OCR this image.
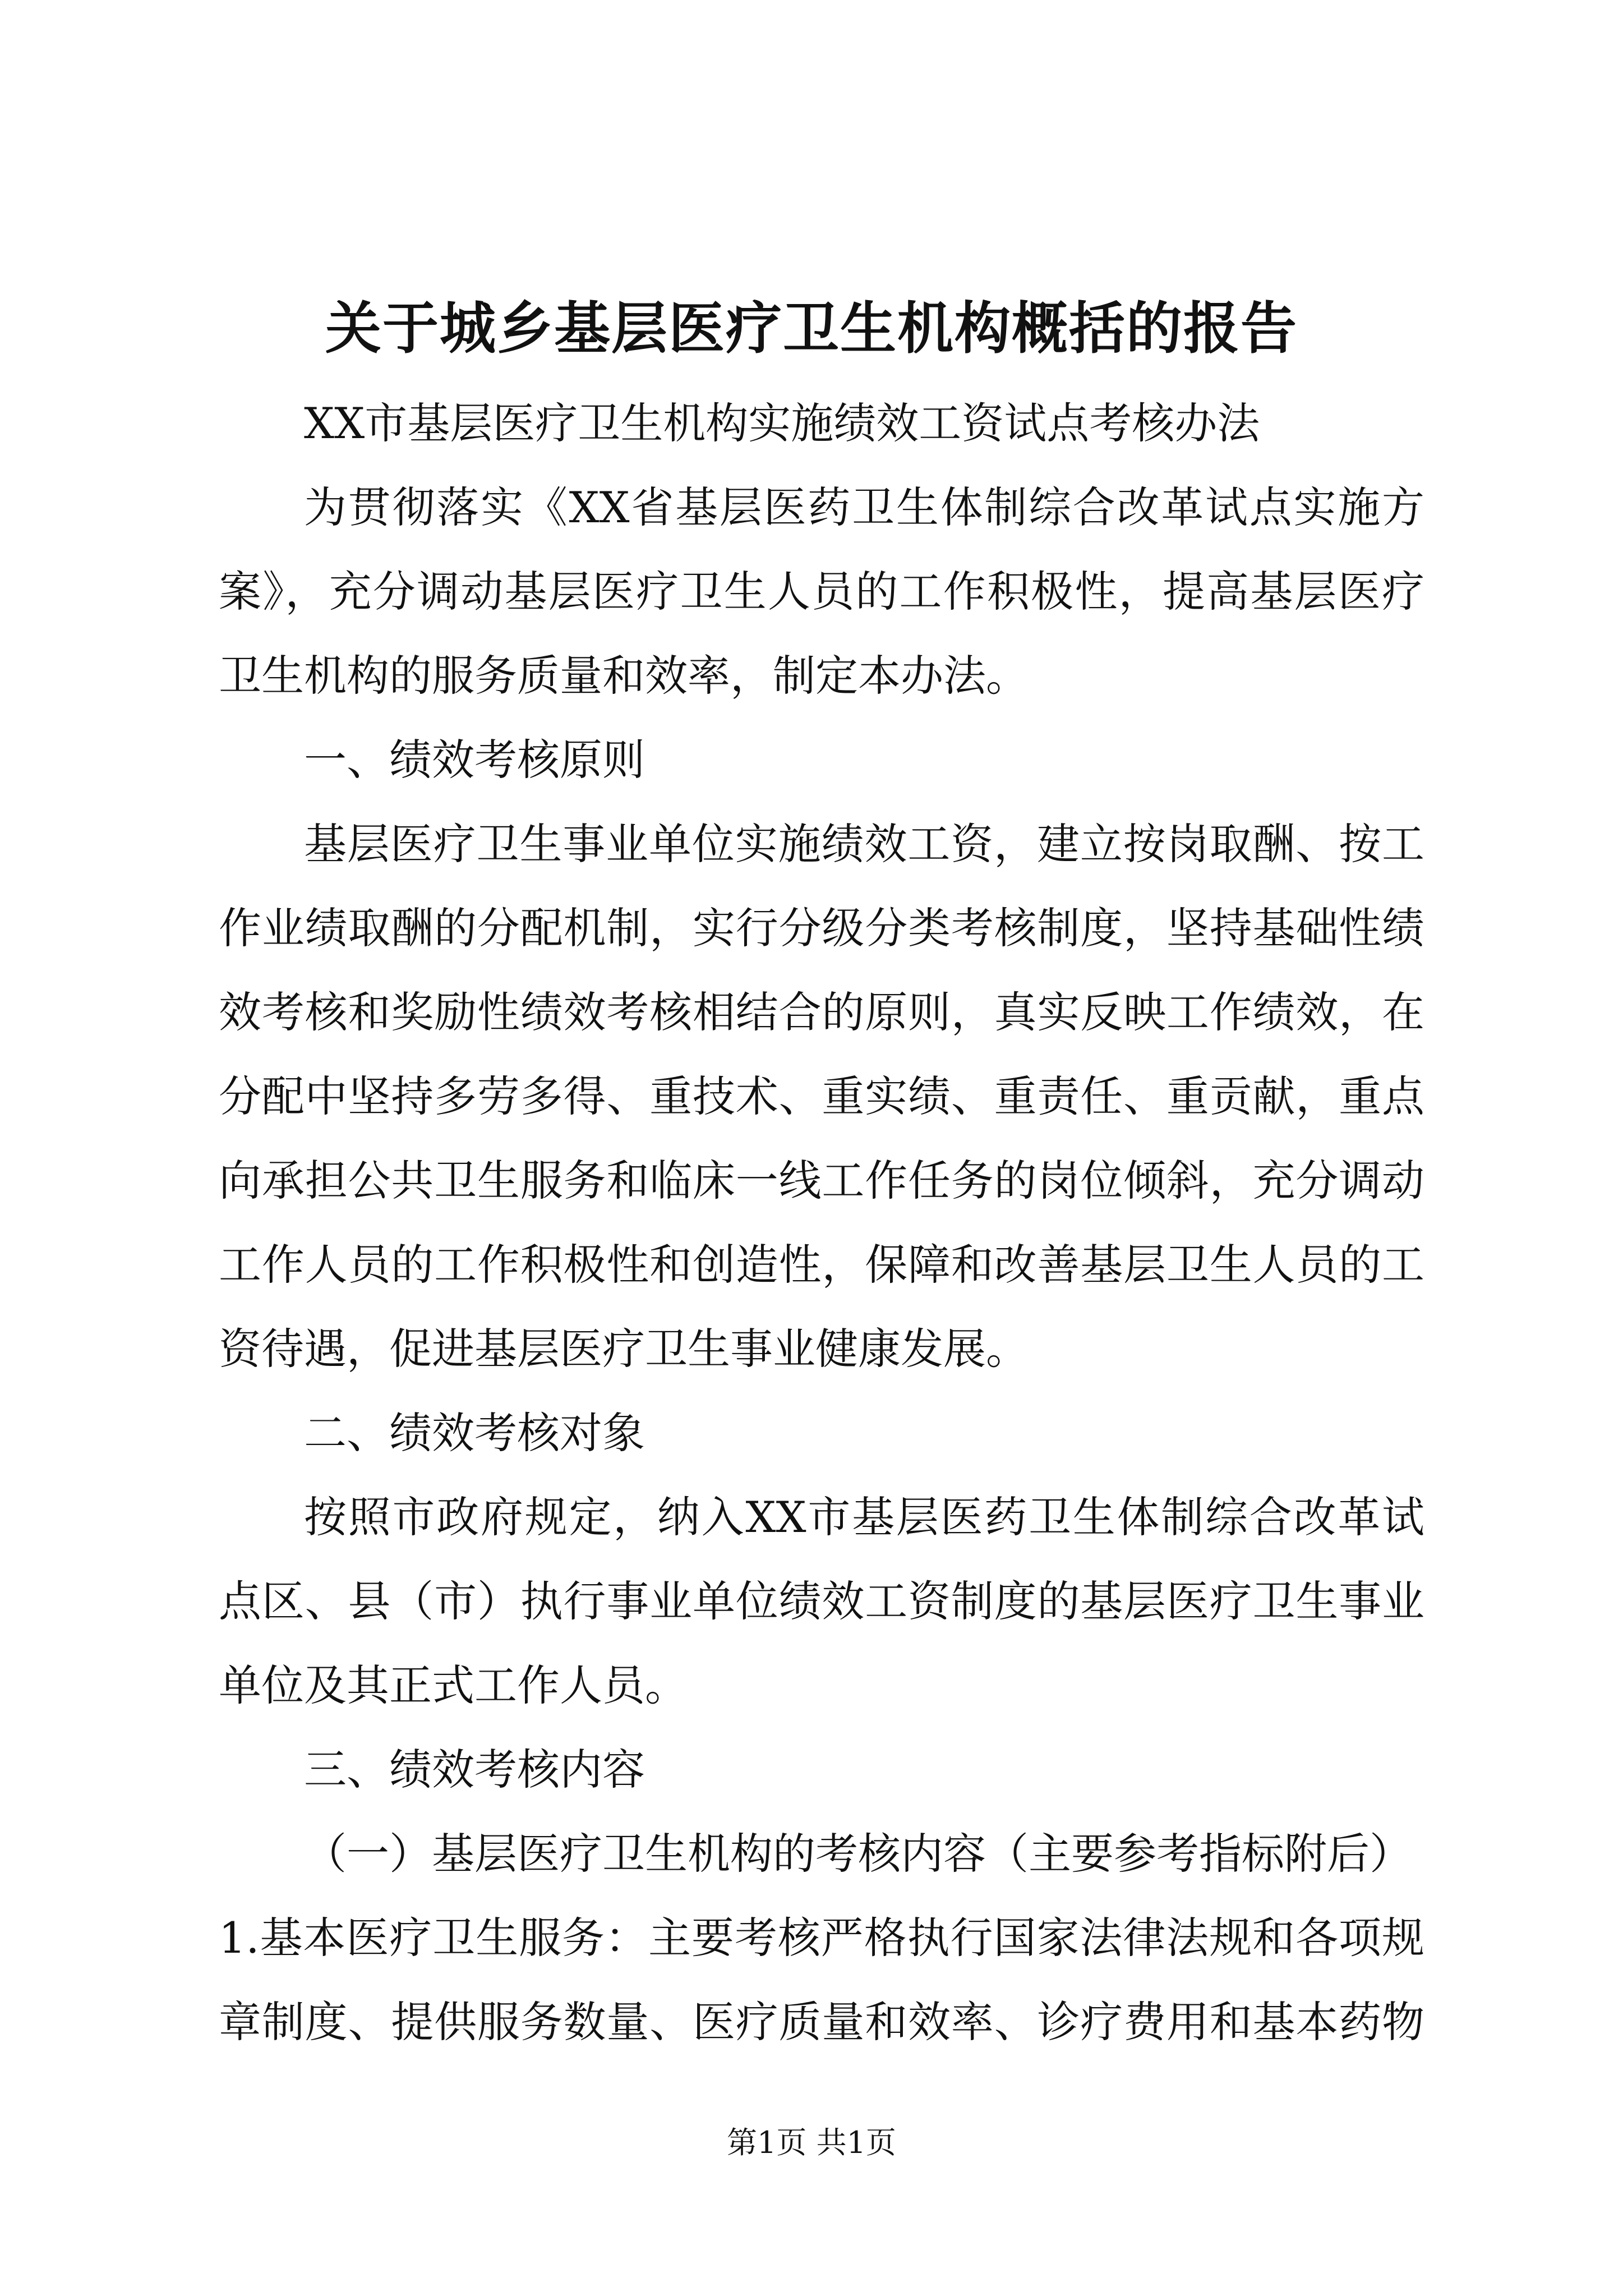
关于城乡基层医疗卫生机构概括的报告

XX市基层医疗卫生机构实施绩效工资试点考核办法

为贯彻落实《XX省基层医药卫生体制综合改革试点实施方

案》，充分调动基层医疗卫生人员的工作积极性，提高基层医疗

卫生机构的服务质量和效率，制定本办法。

一、绩效考核原则

基层医疗卫生事业单位实施绩效工资，建立按岗取酬、按工

作业绩取酬的分配机制，实行分级分类考核制度，坚持基础性绩

效考核和奖励性绩效考核相结合的原则，真实反映工作绩效，在

分配中坚持多劳多得、重技术、重实绩、重责任、重贡献，重点

向承担公共卫生服务和临床一线工作任务的岗位倾斜，充分调动

工作人员的工作积极性和创造性，保障和改善基层卫生人员的工

资待遇，促进基层医疗卫生事业健康发展。

二、绩效考核对象

按照市政府规定，纳入XX市基层医药卫生体制综合改革试

点区、县（市）执行事业单位绩效工资制度的基层医疗卫生事业

单位及其正式工作人员。

三、绩效考核内容

（一）基层医疗卫生机构的考核内容（主要参考指标附后）

1.基本医疗卫生服务：主要考核严格执行国家法律法规和各项规

章制度、提供服务数量、医疗质量和效率、诊疗费用和基本药物

第1页 共1页
